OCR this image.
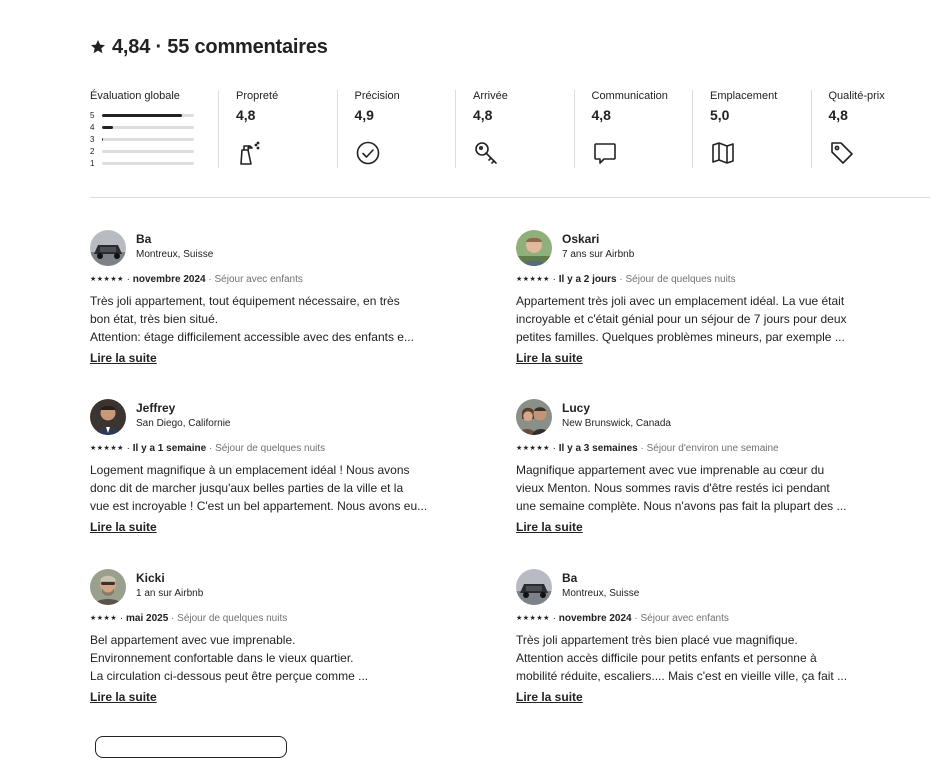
4,84 · 55 commentaires
Évaluation globale
5
4
3
2
1
Propreté
4,8
Précision
4,9
Arrivée
4,8
Communication
4,8
Emplacement
5,0
Qualité-prix
4,8
Ba
Montreux, Suisse
★★★★★ · novembre 2024 · Séjour avec enfants
Très joli appartement, tout équipement nécessaire, en très
bon état, très bien situé.
Attention: étage difficilement accessible avec des enfants e...
Lire la suite
Oskari
7 ans sur Airbnb
★★★★★ · Il y a 2 jours · Séjour de quelques nuits
Appartement très joli avec un emplacement idéal. La vue était
incroyable et c'était génial pour un séjour de 7 jours pour deux
petites familles. Quelques problèmes mineurs, par exemple ...
Lire la suite
Jeffrey
San Diego, Californie
★★★★★ · Il y a 1 semaine · Séjour de quelques nuits
Logement magnifique à un emplacement idéal ! Nous avons
donc dit de marcher jusqu'aux belles parties de la ville et la
vue est incroyable ! C'est un bel appartement. Nous avons eu...
Lire la suite
Lucy
New Brunswick, Canada
★★★★★ · Il y a 3 semaines · Séjour d'environ une semaine
Magnifique appartement avec vue imprenable au cœur du
vieux Menton. Nous sommes ravis d'être restés ici pendant
une semaine complète. Nous n'avons pas fait la plupart des ...
Lire la suite
Kicki
1 an sur Airbnb
★★★★ · mai 2025 · Séjour de quelques nuits
Bel appartement avec vue imprenable.
Environnement confortable dans le vieux quartier.
La circulation ci-dessous peut être perçue comme ...
Lire la suite
Ba
Montreux, Suisse
★★★★★ · novembre 2024 · Séjour avec enfants
Très joli appartement très bien placé vue magnifique.
Attention accès difficile pour petits enfants et personne à
mobilité réduite, escaliers.... Mais c'est en vieille ville, ça fait ...
Lire la suite
